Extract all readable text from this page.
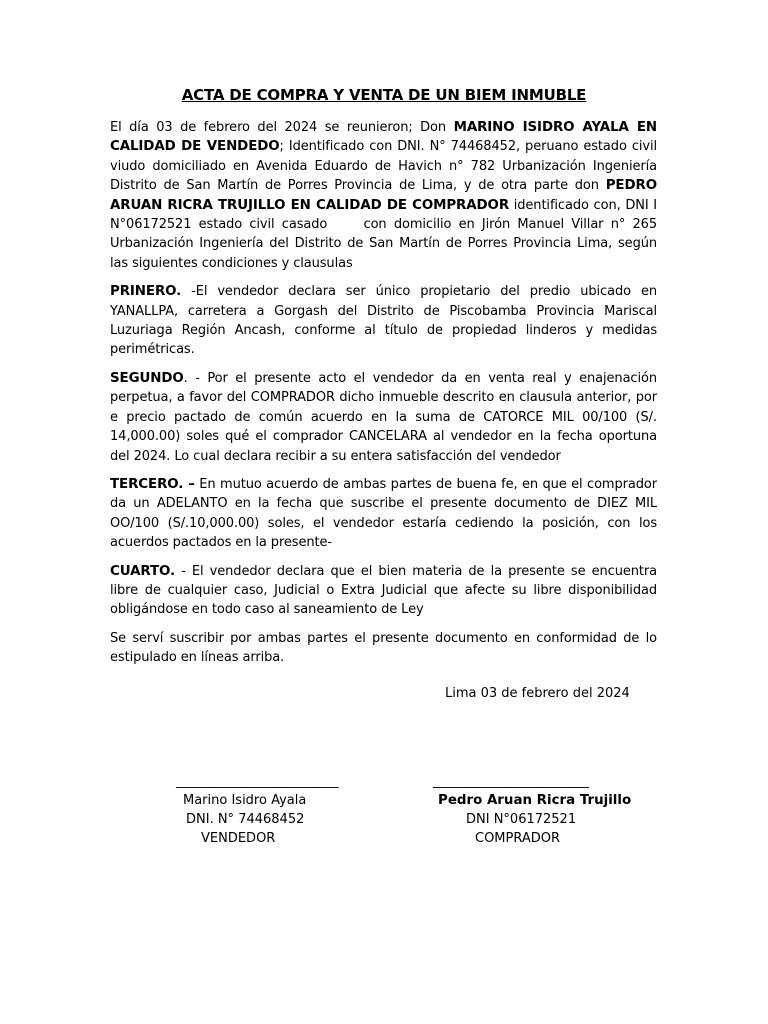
ACTA DE COMPRA Y VENTA DE UN BIEM INMUBLE

El día 03 de febrero del 2024 se reunieron; Don MARINO ISIDRO AYALA EN CALIDAD DE VENDEDO; Identificado con DNI. N° 74468452, peruano estado civil viudo domiciliado en Avenida Eduardo de Havich n° 782 Urbanización Ingeniería Distrito de San Martín de Porres Provincia de Lima, y de otra parte don PEDRO ARUAN RICRA TRUJILLO EN CALIDAD DE COMPRADOR identificado con, DNI I N°06172521 estado civil casado     con domicilio en Jirón Manuel Villar n° 265 Urbanización Ingeniería del Distrito de San Martín de Porres Provincia Lima, según las siguientes condiciones y clausulas

PRINERO. -El vendedor declara ser único propietario del predio ubicado en YANALLPA, carretera a Gorgash del Distrito de Piscobamba Provincia Mariscal Luzuriaga Región Ancash, conforme al título de propiedad linderos y medidas perimétricas.

SEGUNDO. - Por el presente acto el vendedor da en venta real y enajenación perpetua, a favor del COMPRADOR dicho inmueble descrito en clausula anterior, por e precio pactado de común acuerdo en la suma de CATORCE MIL 00/100 (S/. 14,000.00) soles qué el comprador CANCELARA al vendedor en la fecha oportuna del 2024. Lo cual declara recibir a su entera satisfacción del vendedor

TERCERO. – En mutuo acuerdo de ambas partes de buena fe, en que el comprador da un ADELANTO en la fecha que suscribe el presente documento de DIEZ MIL OO/100 (S/.10,000.00) soles, el vendedor estaría cediendo la posición, con los acuerdos pactados en la presente-

CUARTO. - El vendedor declara que el bien materia de la presente se encuentra libre de cualquier caso, Judicial o Extra Judicial que afecte su libre disponibilidad obligándose en todo caso al saneamiento de Ley

Se serví suscribir por ambas partes el presente documento en conformidad de lo estipulado en líneas arriba.

Lima 03 de febrero del 2024
_________________________
Marino Isidro Ayala
DNI. N° 74468452
VENDEDOR
________________________
Pedro Aruan Ricra Trujillo
DNI N°06172521
COMPRADOR
